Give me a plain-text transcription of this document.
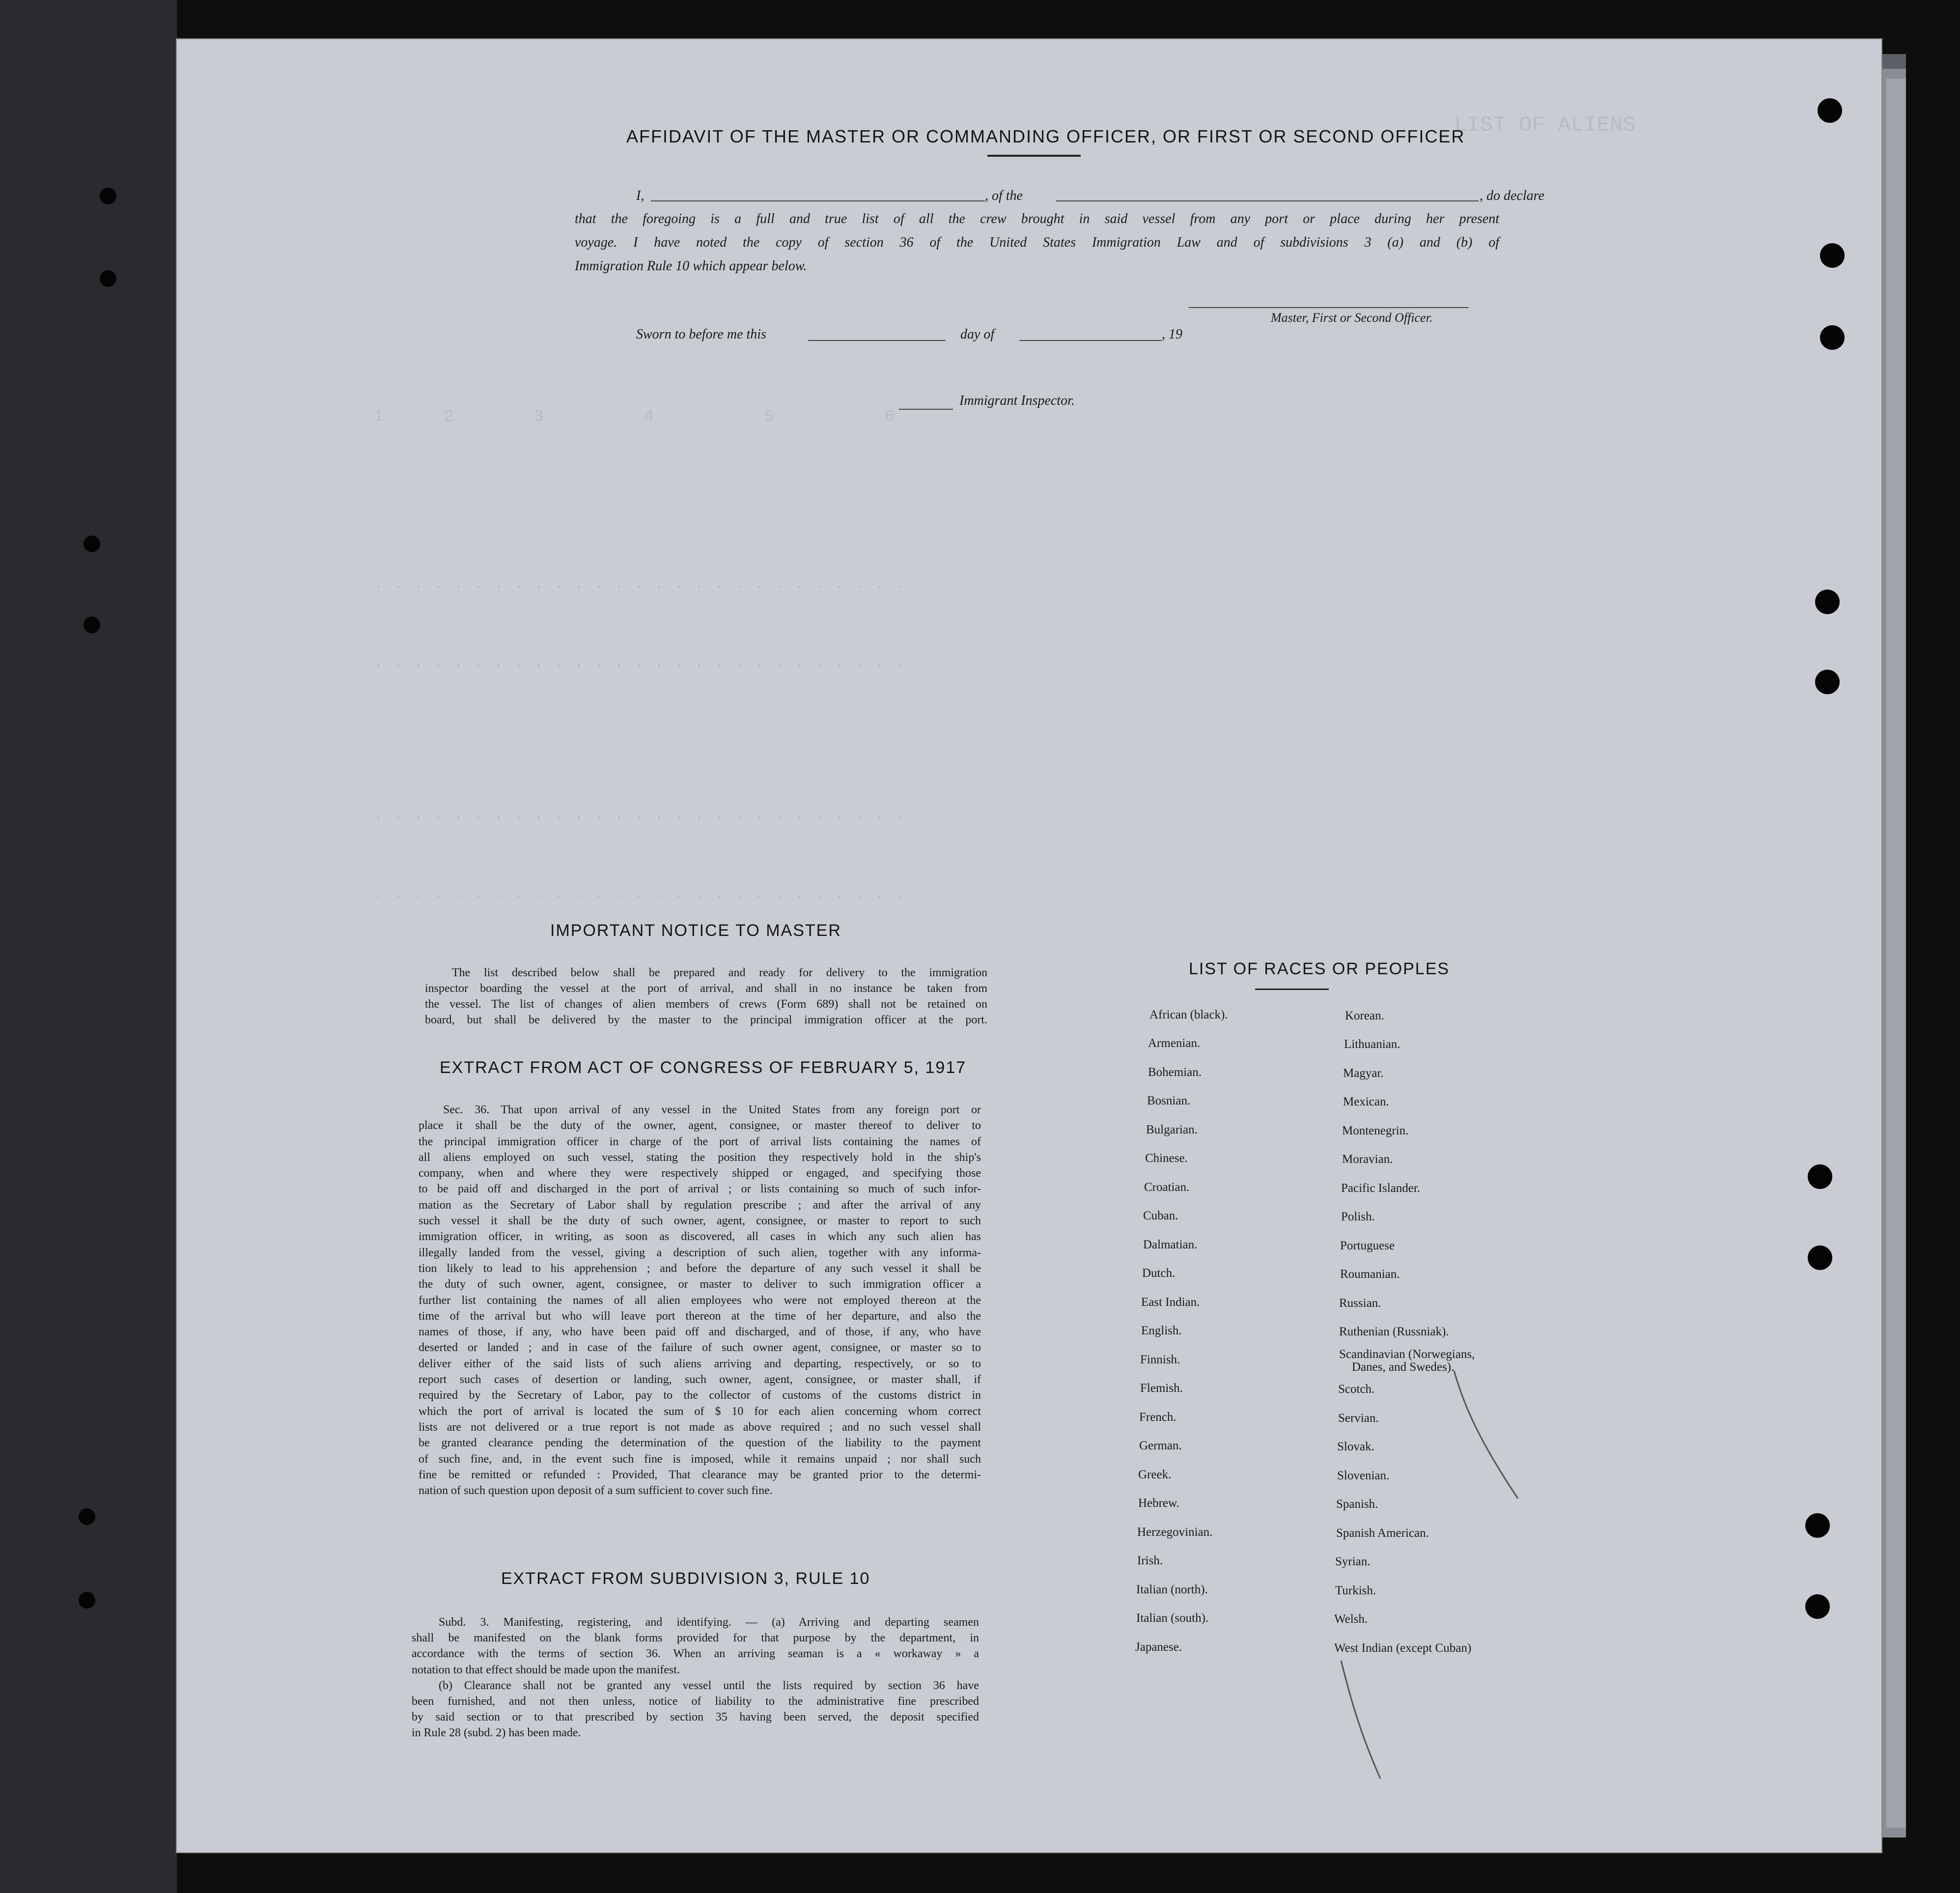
LIST OF ALIENS
1      2        3          4           5           6
. . . . . . . . . . . . . . . . . . . . . . . . . . .
. . . . . . . . . . . . . . . . . . . . . . . . . . .
. . . . . . . . . . . . . . . . . . . . . . . . . . .
. . . . . . . . . . . . . . . . . . . . . . . . . . .
AFFIDAVIT OF THE MASTER OR COMMANDING OFFICER, OR FIRST OR SECOND OFFICER
I,	, of the	, do declare
that the foregoing is a full and true list of all the crew brought in said vessel from any port or place during her present
voyage. I have noted the copy of section 36 of the United States Immigration Law and of subdivisions 3 (a) and (b) of
Immigration Rule 10 which appear below.
Master, First or Second Officer.
Sworn to before me this	day of	, 19
Immigrant Inspector.
IMPORTANT NOTICE TO MASTER
The list described below shall be prepared and ready for delivery to the immigration
inspector boarding the vessel at the port of arrival, and shall in no instance be taken from
the vessel. The list of changes of alien members of crews (Form 689) shall not be retained on
board, but shall be delivered by the master to the principal immigration officer at the port.
EXTRACT FROM ACT OF CONGRESS OF FEBRUARY 5, 1917
Sec. 36. That upon arrival of any vessel in the United States from any foreign port or
place it shall be the duty of the owner, agent, consignee, or master thereof to deliver to
the principal immigration officer in charge of the port of arrival lists containing the names of
all aliens employed on such vessel, stating the position they respectively hold in the ship's
company, when and where they were respectively shipped or engaged, and specifying those
to be paid off and discharged in the port of arrival ; or lists containing so much of such infor-
mation as the Secretary of Labor shall by regulation prescribe ; and after the arrival of any
such vessel it shall be the duty of such owner, agent, consignee, or master to report to such
immigration officer, in writing, as soon as discovered, all cases in which any such alien has
illegally landed from the vessel, giving a description of such alien, together with any informa-
tion likely to lead to his apprehension ; and before the departure of any such vessel it shall be
the duty of such owner, agent, consignee, or master to deliver to such immigration officer a
further list containing the names of all alien employees who were not employed thereon at the
time of the arrival but who will leave port thereon at the time of her departure, and also the
names of those, if any, who have been paid off and discharged, and of those, if any, who have
deserted or landed ; and in case of the failure of such owner agent, consignee, or master so to
deliver either of the said lists of such aliens arriving and departing, respectively, or so to
report such cases of desertion or landing, such owner, agent, consignee, or master shall, if
required by the Secretary of Labor, pay to the collector of customs of the customs district in
which the port of arrival is located the sum of $ 10 for each alien concerning whom correct
lists are not delivered or a true report is not made as above required ; and no such vessel shall
be granted clearance pending the determination of the question of the liability to the payment
of such fine, and, in the event such fine is imposed, while it remains unpaid ; nor shall such
fine be remitted or refunded : Provided, That clearance may be granted prior to the determi-
nation of such question upon deposit of a sum sufficient to cover such fine.
EXTRACT FROM SUBDIVISION 3, RULE 10
Subd. 3. Manifesting, registering, and identifying. — (a) Arriving and departing seamen
shall be manifested on the blank forms provided for that purpose by the department, in
accordance with the terms of section 36. When an arriving seaman is a « workaway » a
notation to that effect should be made upon the manifest.
(b) Clearance shall not be granted any vessel until the lists required by section 36 have
been furnished, and not then unless, notice of liability to the administrative fine prescribed
by said section or to that prescribed by section 35 having been served, the deposit specified
in Rule 28 (subd. 2) has been made.
LIST OF RACES OR PEOPLES
African (black).
Armenian.
Bohemian.
Bosnian.
Bulgarian.
Chinese.
Croatian.
Cuban.
Dalmatian.
Dutch.
East Indian.
English.
Finnish.
Flemish.
French.
German.
Greek.
Hebrew.
Herzegovinian.
Irish.
Italian (north).
Italian (south).
Japanese.
Korean.
Lithuanian.
Magyar.
Mexican.
Montenegrin.
Moravian.
Pacific Islander.
Polish.
Portuguese
Roumanian.
Russian.
Ruthenian (Russniak).
Scandinavian (Norwegians,
Danes, and Swedes).
Scotch.
Servian.
Slovak.
Slovenian.
Spanish.
Spanish American.
Syrian.
Turkish.
Welsh.
West Indian (except Cuban)
